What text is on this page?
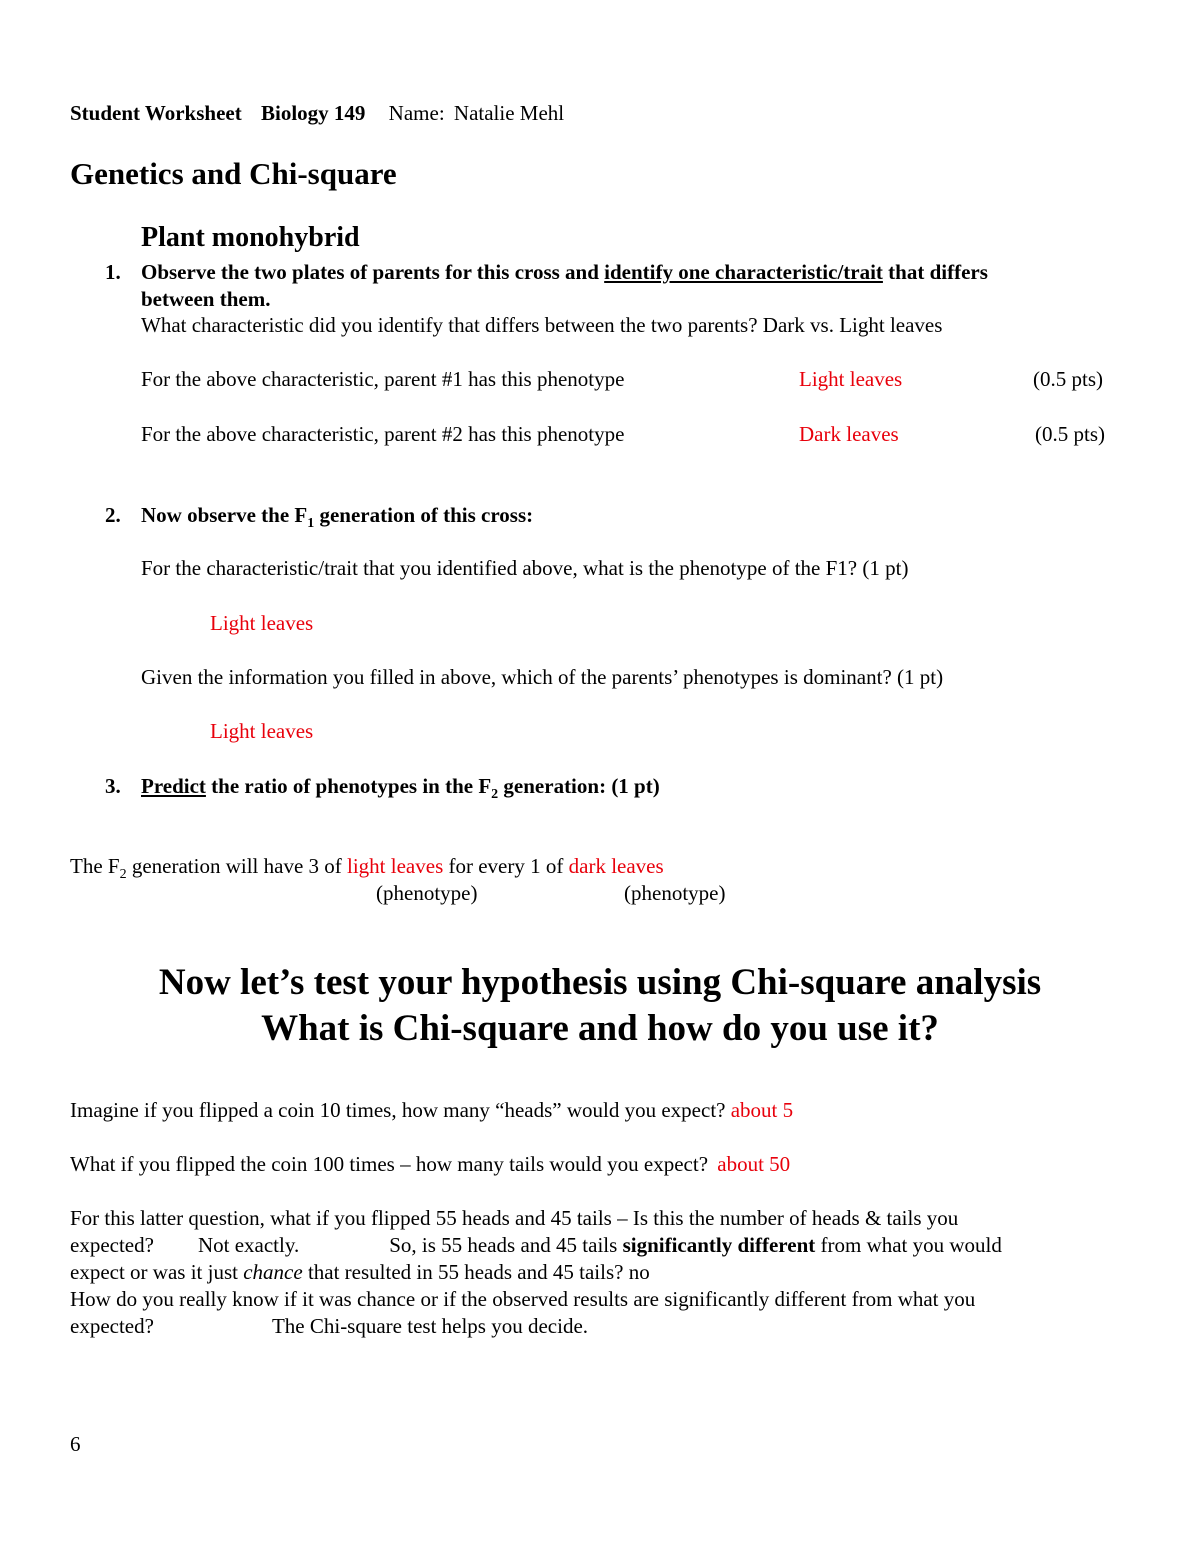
Student Worksheet Biology 149 Name: Natalie Mehl
Genetics and Chi-square
Plant monohybrid
1. Observe the two plates of parents for this cross and identify one characteristic/trait that differs
between them.
What characteristic did you identify that differs between the two parents? Dark vs. Light leaves
For the above characteristic, parent #1 has this phenotype	Light leaves	(0.5 pts)
For the above characteristic, parent #2 has this phenotype	Dark leaves	(0.5 pts)
2. Now observe the $F_1$ generation of this cross:
For the characteristic/trait that you identified above, what is the phenotype of the F1? (1 pt)
Light leaves
Given the information you filled in above, which of the parents’ phenotypes is dominant? (1 pt)
Light leaves
3. Predict the ratio of phenotypes in the $F_2$ generation: (1 pt)
The $F_2$ generation will have 3 of light leaves for every 1 of dark leaves
(phenotype)	(phenotype)
Now let’s test your hypothesis using Chi-square analysis
What is Chi-square and how do you use it?
Imagine if you flipped a coin 10 times, how many “heads” would you expect? about 5
What if you flipped the coin 100 times – how many tails would you expect? about 50
For this latter question, what if you flipped 55 heads and 45 tails – Is this the number of heads & tails you
expected? Not exactly.	So, is 55 heads and 45 tails significantly different from what you would
expect or was it just chance that resulted in 55 heads and 45 tails? no
How do you really know if it was chance or if the observed results are significantly different from what you
expected?	The Chi-square test helps you decide.
6
